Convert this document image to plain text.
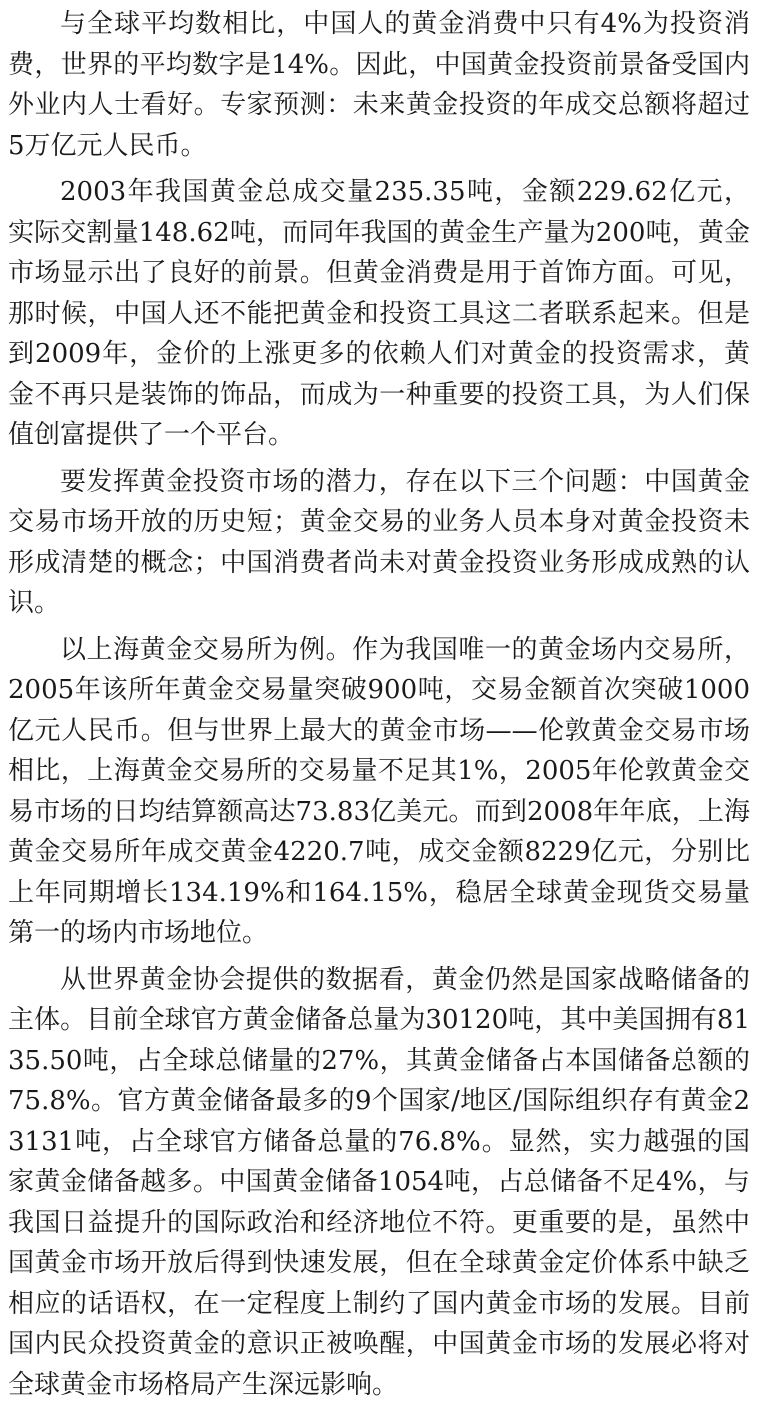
与全球平均数相比，中国人的黄金消费中只有4%为投资消费，世界的平均数字是14%。因此，中国黄金投资前景备受国内外业内人士看好。专家预测：未来黄金投资的年成交总额将超过5万亿元人民币。

2003年我国黄金总成交量235.35吨，金额229.62亿元，实际交割量148.62吨，而同年我国的黄金生产量为200吨，黄金市场显示出了良好的前景。但黄金消费是用于首饰方面。可见，那时候，中国人还不能把黄金和投资工具这二者联系起来。但是到2009年，金价的上涨更多的依赖人们对黄金的投资需求，黄金不再只是装饰的饰品，而成为一种重要的投资工具，为人们保值创富提供了一个平台。

要发挥黄金投资市场的潜力，存在以下三个问题：中国黄金交易市场开放的历史短；黄金交易的业务人员本身对黄金投资未形成清楚的概念；中国消费者尚未对黄金投资业务形成成熟的认识。

以上海黄金交易所为例。作为我国唯一的黄金场内交易所，2005年该所年黄金交易量突破900吨，交易金额首次突破1000亿元人民币。但与世界上最大的黄金市场——伦敦黄金交易市场相比，上海黄金交易所的交易量不足其1%，2005年伦敦黄金交易市场的日均结算额高达73.83亿美元。而到2008年年底，上海黄金交易所年成交黄金4220.7吨，成交金额8229亿元，分别比上年同期增长134.19%和164.15%，稳居全球黄金现货交易量第一的场内市场地位。

从世界黄金协会提供的数据看，黄金仍然是国家战略储备的主体。目前全球官方黄金储备总量为30120吨，其中美国拥有8135.50吨，占全球总储量的27%，其黄金储备占本国储备总额的75.8%。官方黄金储备最多的9个国家/地区/国际组织存有黄金23131吨，占全球官方储备总量的76.8%。显然，实力越强的国家黄金储备越多。中国黄金储备1054吨，占总储备不足4%，与我国日益提升的国际政治和经济地位不符。更重要的是，虽然中国黄金市场开放后得到快速发展，但在全球黄金定价体系中缺乏相应的话语权，在一定程度上制约了国内黄金市场的发展。目前国内民众投资黄金的意识正被唤醒，中国黄金市场的发展必将对全球黄金市场格局产生深远影响。
